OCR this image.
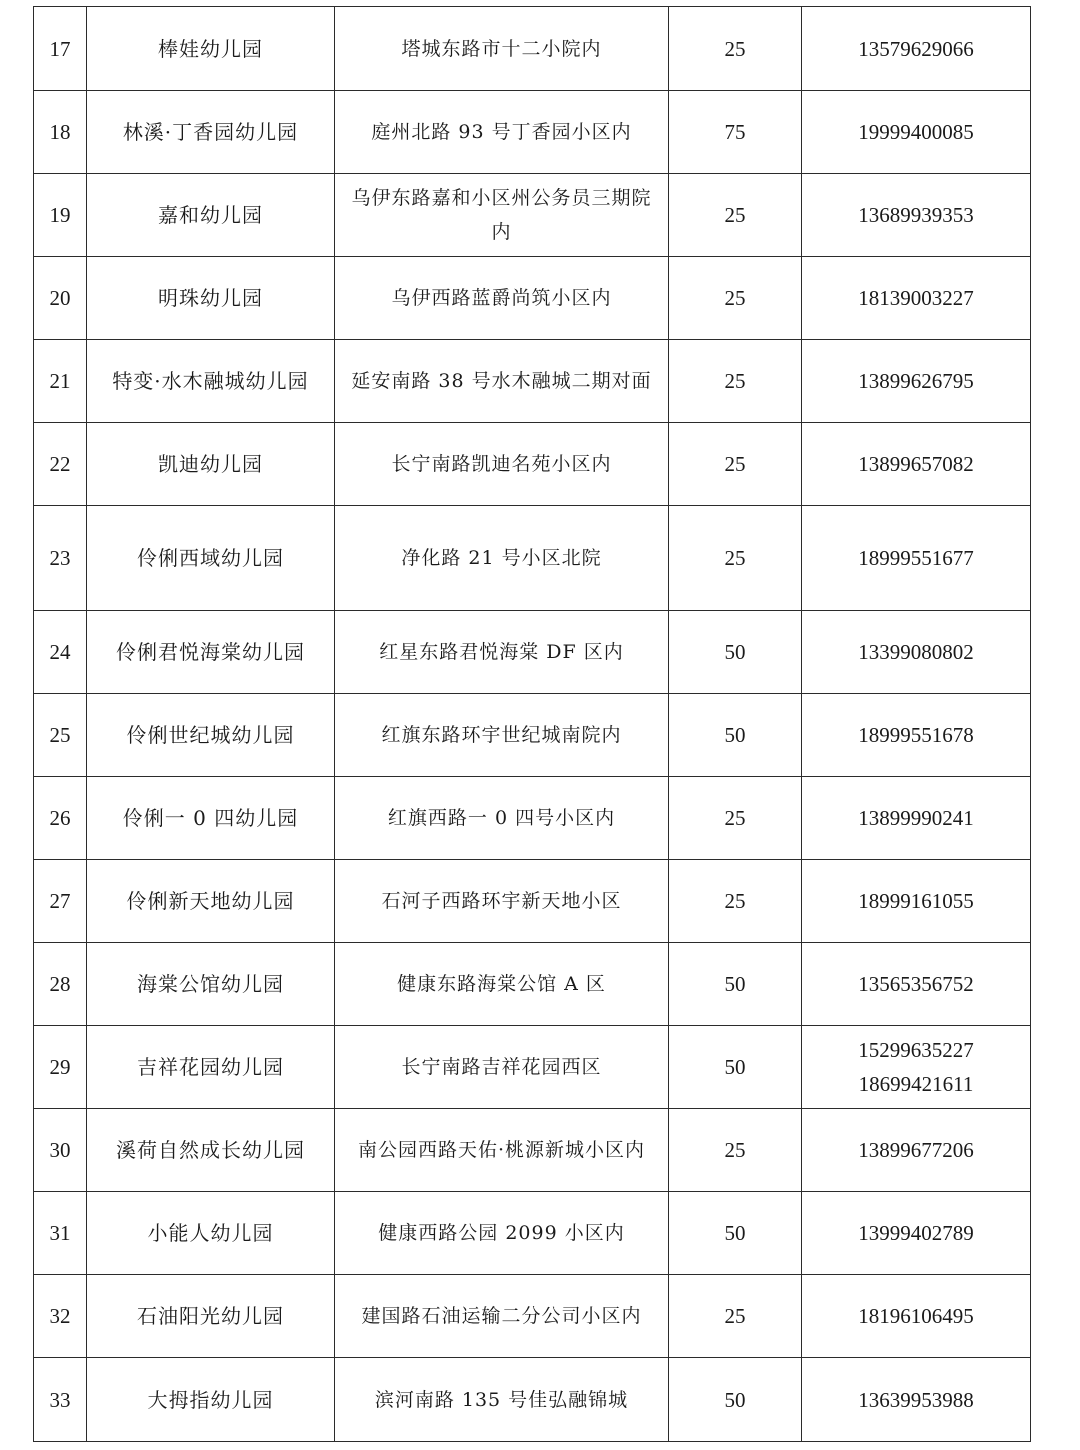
17	棒娃幼儿园	塔城东路市十二小院内	25	13579629066

18	林溪·丁香园幼儿园	庭州北路 93 号丁香园小区内	75	19999400085

19	嘉和幼儿园	乌伊东路嘉和小区州公务员三期院内	25	13689939353

20	明珠幼儿园	乌伊西路蓝爵尚筑小区内	25	18139003227

21	特变·水木融城幼儿园	延安南路 38 号水木融城二期对面	25	13899626795

22	凯迪幼儿园	长宁南路凯迪名苑小区内	25	13899657082

23	伶俐西域幼儿园	净化路 21 号小区北院	25	18999551677

24	伶俐君悦海棠幼儿园	红星东路君悦海棠 DF 区内	50	13399080802

25	伶俐世纪城幼儿园	红旗东路环宇世纪城南院内	50	18999551678

26	伶俐一 0 四幼儿园	红旗西路一 0 四号小区内	25	13899990241

27	伶俐新天地幼儿园	石河子西路环宇新天地小区	25	18999161055

28	海棠公馆幼儿园	健康东路海棠公馆 A 区	50	13565356752

29	吉祥花园幼儿园	长宁南路吉祥花园西区	50	15299635227
18699421611

30	溪荷自然成长幼儿园	南公园西路天佑·桃源新城小区内	25	13899677206

31	小能人幼儿园	健康西路公园 2099 小区内	50	13999402789

32	石油阳光幼儿园	建国路石油运输二分公司小区内	25	18196106495

33	大拇指幼儿园	滨河南路 135 号佳弘融锦城	50	13639953988
